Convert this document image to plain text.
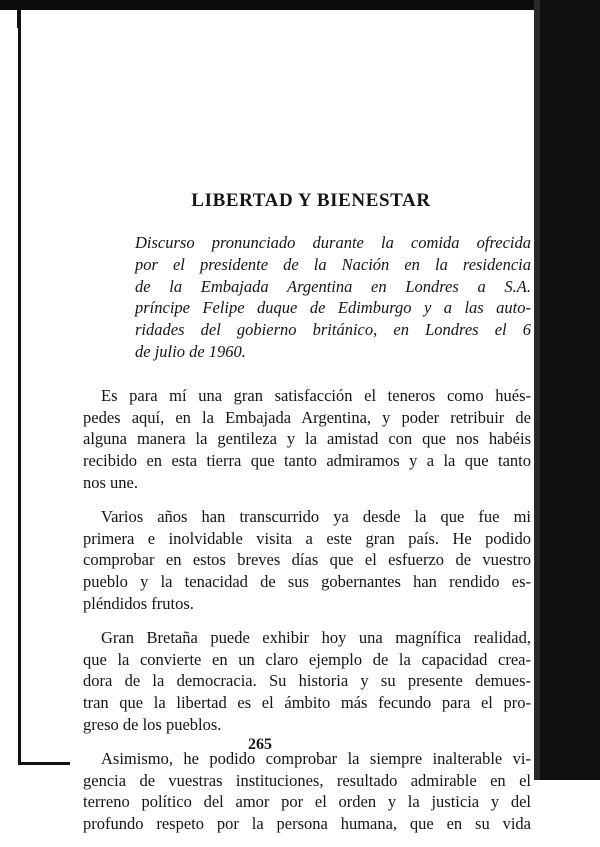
LIBERTAD Y BIENESTAR
Discurso pronunciado durante la comida ofrecida
por el presidente de la Nación en la residencia
de la Embajada Argentina en Londres a S.A.
príncipe Felipe duque de Edimburgo y a las auto-
ridades del gobierno británico, en Londres el 6
de julio de 1960.

Es para mí una gran satisfacción el teneros como hués-
pedes aquí, en la Embajada Argentina, y poder retribuir de
alguna manera la gentileza y la amistad con que nos habéis
recibido en esta tierra que tanto admiramos y a la que tanto
nos une.

Varios años han transcurrido ya desde la que fue mi
primera e inolvidable visita a este gran país. He podido
comprobar en estos breves días que el esfuerzo de vuestro
pueblo y la tenacidad de sus gobernantes han rendido es-
pléndidos frutos.

Gran Bretaña puede exhibir hoy una magnífica realidad,
que la convierte en un claro ejemplo de la capacidad crea-
dora de la democracia. Su historia y su presente demues-
tran que la libertad es el ámbito más fecundo para el pro-
greso de los pueblos.

Asimismo, he podido comprobar la siempre inalterable vi-
gencia de vuestras instituciones, resultado admirable en el
terreno político del amor por el orden y la justicia y del
profundo respeto por la persona humana, que en su vida

265
